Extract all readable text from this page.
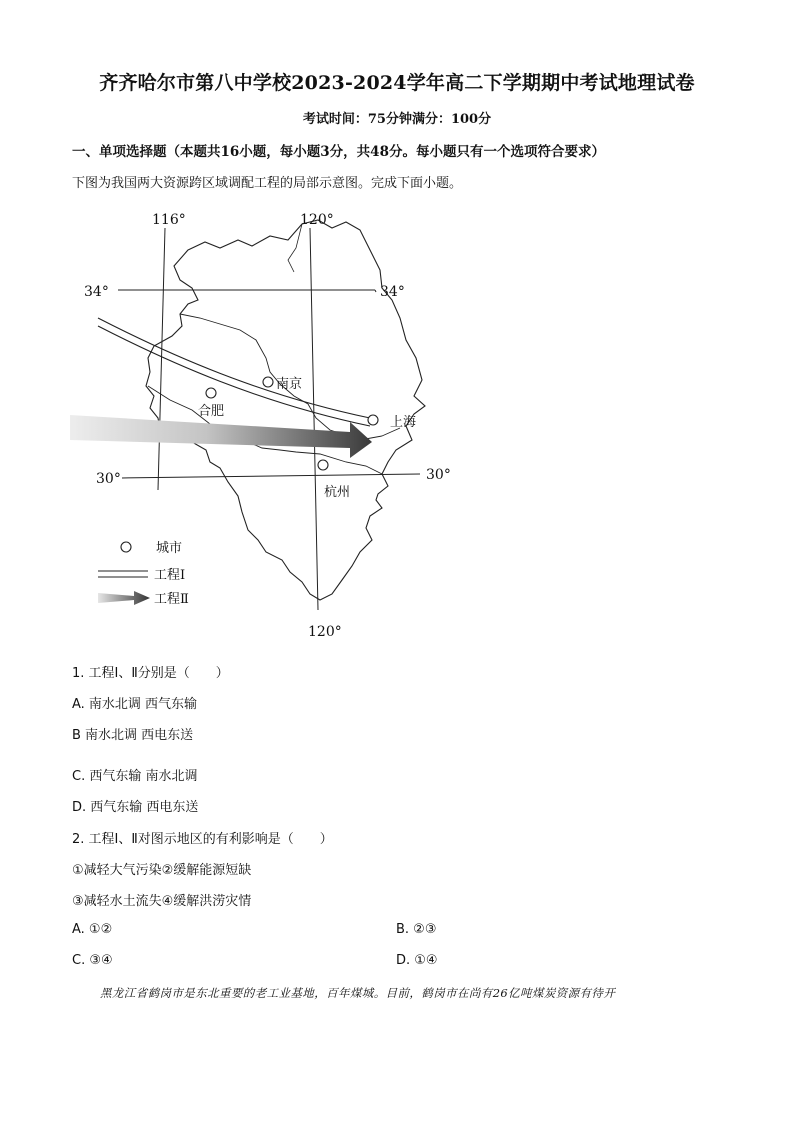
齐齐哈尔市第八中学校2023-2024学年高二下学期期中考试地理试卷
考试时间：75分钟满分：100分
一、单项选择题（本题共16小题，每小题3分，共48分。每小题只有一个选项符合要求）
下图为我国两大资源跨区域调配工程的局部示意图。完成下面小题。
南京
合肥
上海
杭州
116°	120°
120°
34°	34°
30°	30°
城市
工程Ⅰ
工程Ⅱ
1. 工程Ⅰ、Ⅱ分别是（　　）
A. 南水北调 西气东输
B 南水北调 西电东送
C. 西气东输 南水北调
D. 西气东输 西电东送
2. 工程Ⅰ、Ⅱ对图示地区的有利影响是（　　）
①减轻大气污染②缓解能源短缺
③减轻水土流失④缓解洪涝灾情
A. ①②	B. ②③
C. ③④	D. ①④
黑龙江省鹤岗市是东北重要的老工业基地，百年煤城。目前，鹤岗市在尚有26亿吨煤炭资源有待开
